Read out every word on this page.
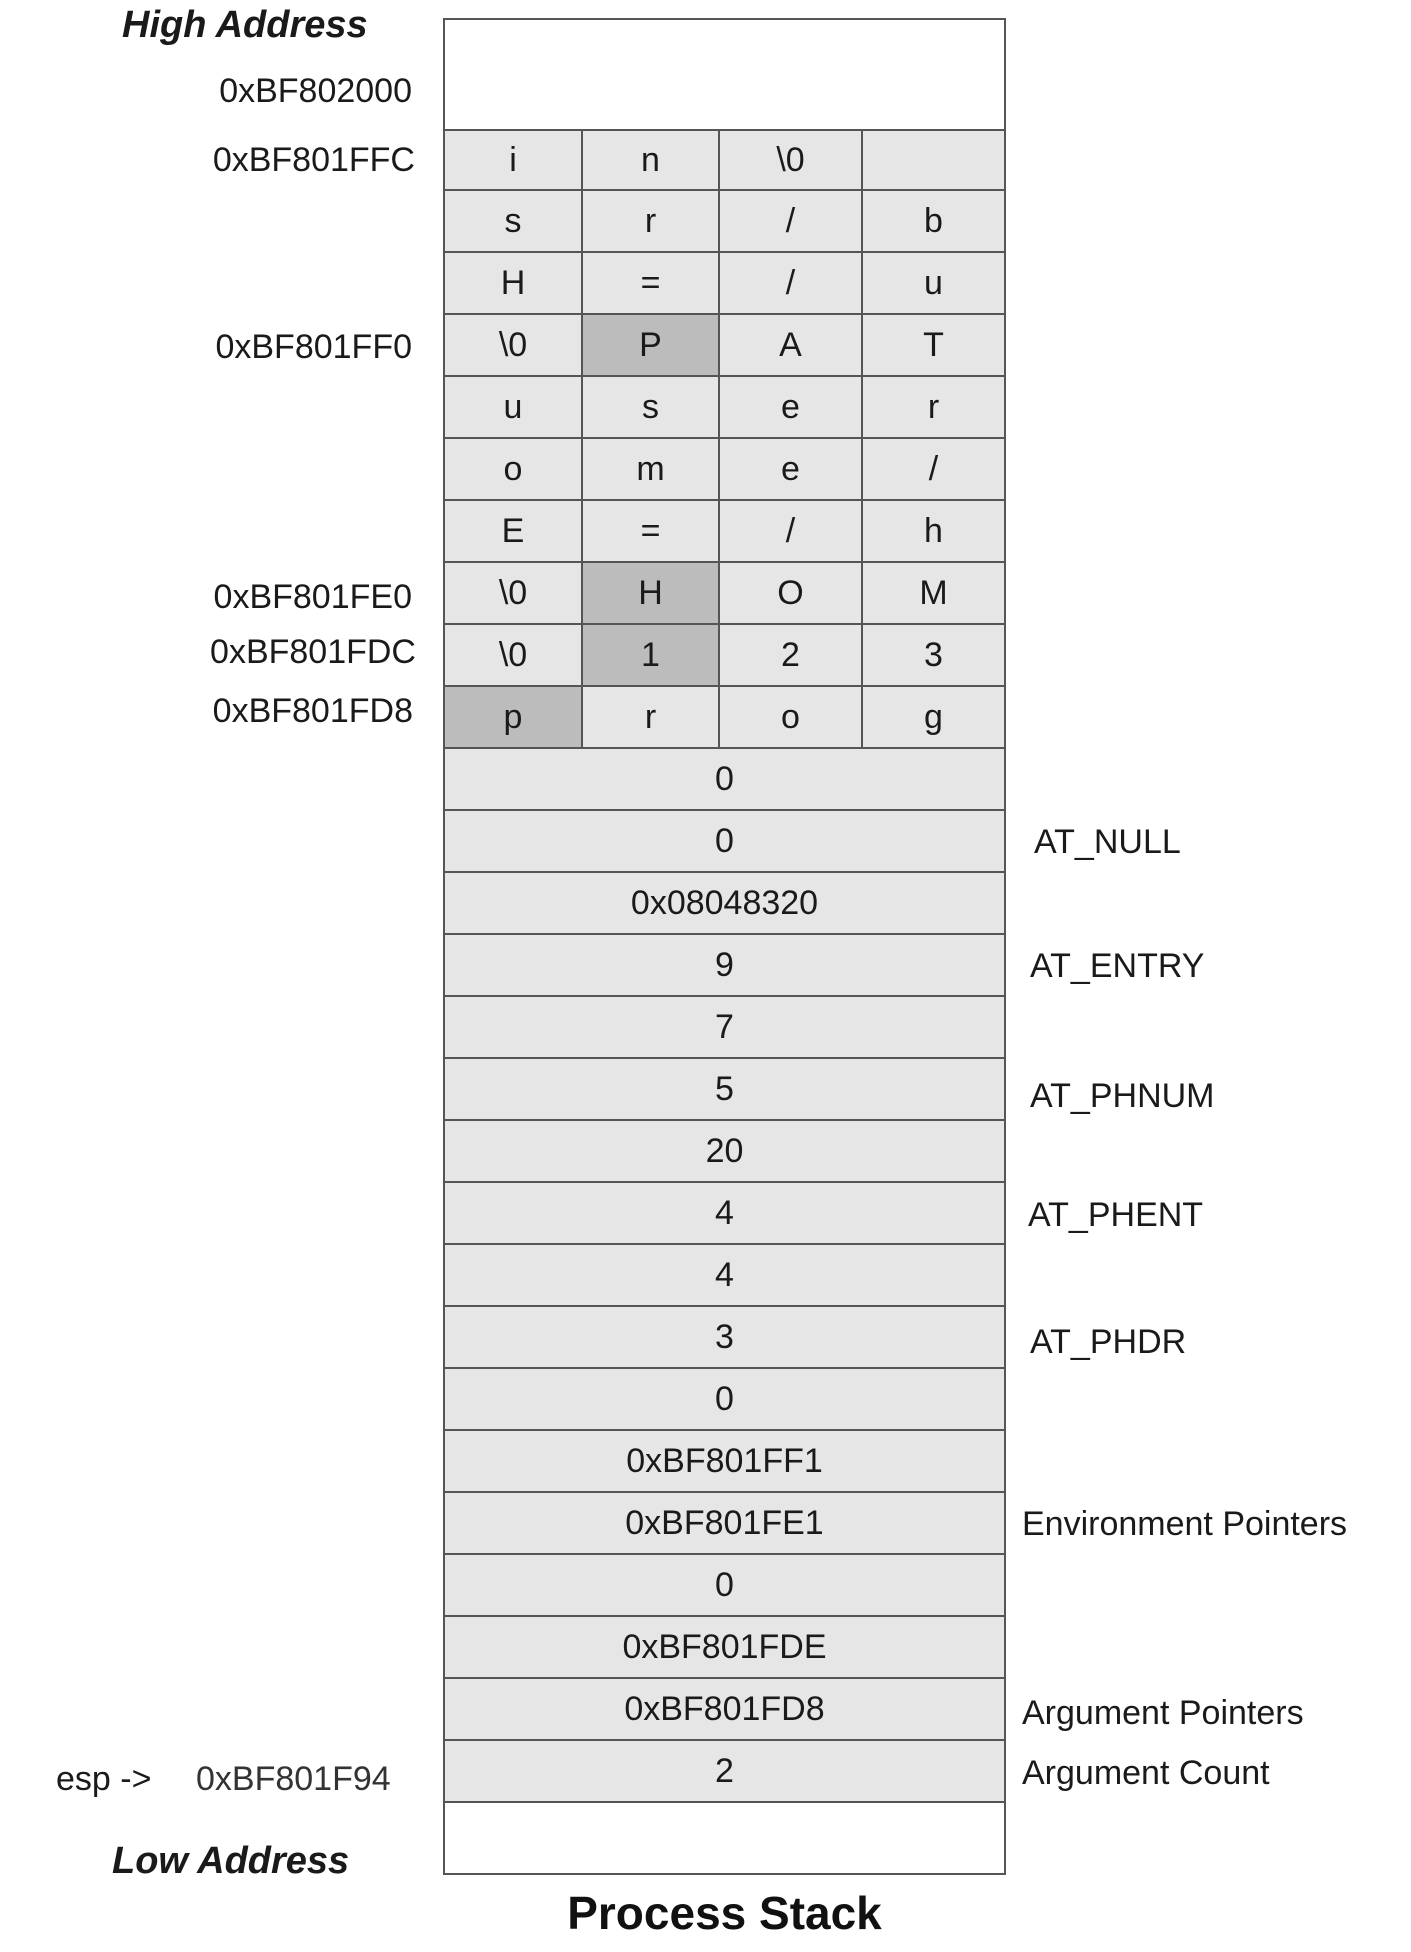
High Address
Low Address
0xBF802000
0xBF801FFC
0xBF801FF0
0xBF801FE0
0xBF801FDC
0xBF801FD8
i	n	\0
s	r	/	b
H	=	/	u
\0	P	A	T
u	s	e	r
o	m	e	/
E	=	/	h
\0	H	O	M
\0	1	2	3
p	r	o	g
0
0
0x08048320
9
7
5
20
4
4
3
0
0xBF801FF1
0xBF801FE1
0
0xBF801FDE
0xBF801FD8
2
AT_NULL
AT_ENTRY
AT_PHNUM
AT_PHENT
AT_PHDR
Environment Pointers
Argument Pointers
Argument Count
esp -> 0xBF801F94
Process Stack
